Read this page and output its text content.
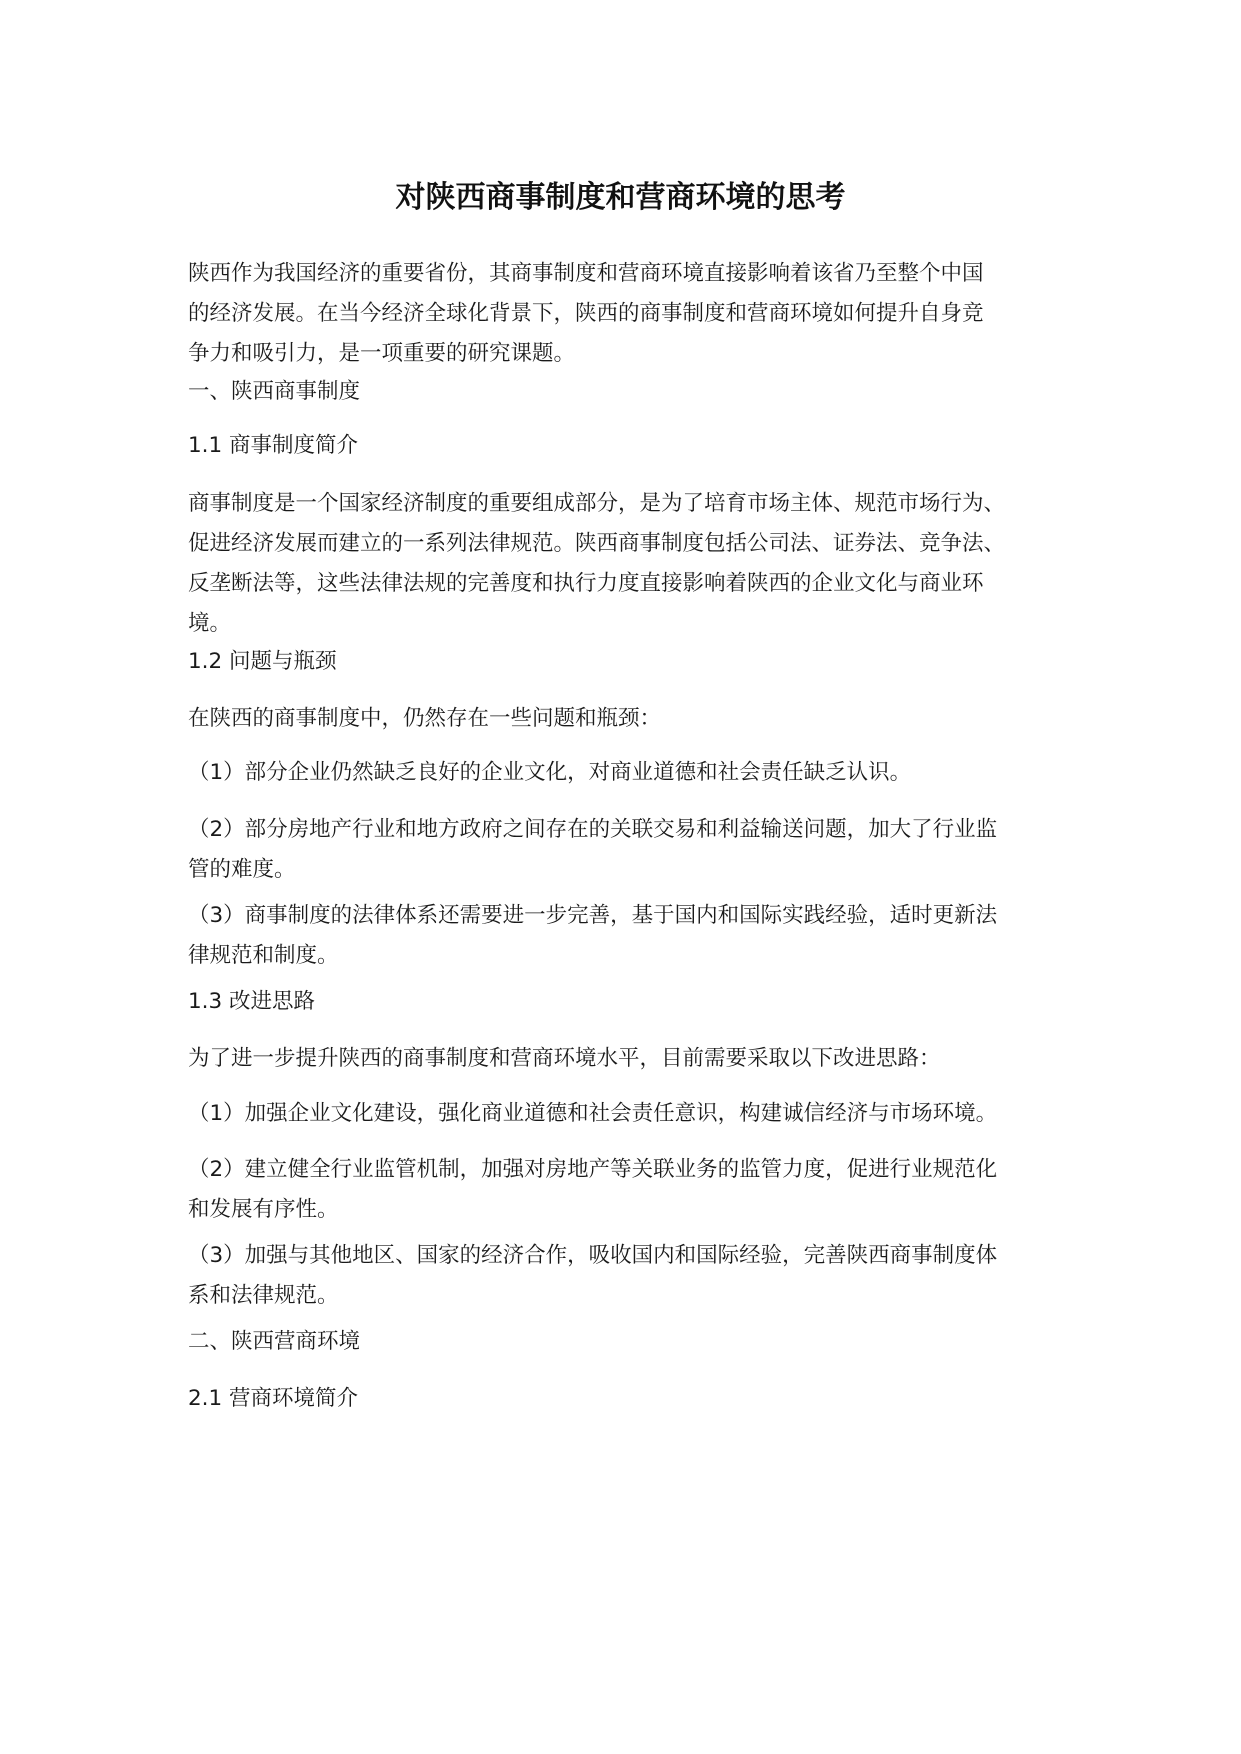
对陕西商事制度和营商环境的思考

陕西作为我国经济的重要省份，其商事制度和营商环境直接影响着该省乃至整个中国
的经济发展。在当今经济全球化背景下，陕西的商事制度和营商环境如何提升自身竞
争力和吸引力，是一项重要的研究课题。

一、陕西商事制度

1.1 商事制度简介

商事制度是一个国家经济制度的重要组成部分，是为了培育市场主体、规范市场行为、
促进经济发展而建立的一系列法律规范。陕西商事制度包括公司法、证券法、竞争法、
反垄断法等，这些法律法规的完善度和执行力度直接影响着陕西的企业文化与商业环
境。

1.2 问题与瓶颈

在陕西的商事制度中，仍然存在一些问题和瓶颈：

（1）部分企业仍然缺乏良好的企业文化，对商业道德和社会责任缺乏认识。

（2）部分房地产行业和地方政府之间存在的关联交易和利益输送问题，加大了行业监
管的难度。

（3）商事制度的法律体系还需要进一步完善，基于国内和国际实践经验，适时更新法
律规范和制度。

1.3 改进思路

为了进一步提升陕西的商事制度和营商环境水平，目前需要采取以下改进思路：

（1）加强企业文化建设，强化商业道德和社会责任意识，构建诚信经济与市场环境。

（2）建立健全行业监管机制，加强对房地产等关联业务的监管力度，促进行业规范化
和发展有序性。

（3）加强与其他地区、国家的经济合作，吸收国内和国际经验，完善陕西商事制度体
系和法律规范。

二、陕西营商环境

2.1 营商环境简介
